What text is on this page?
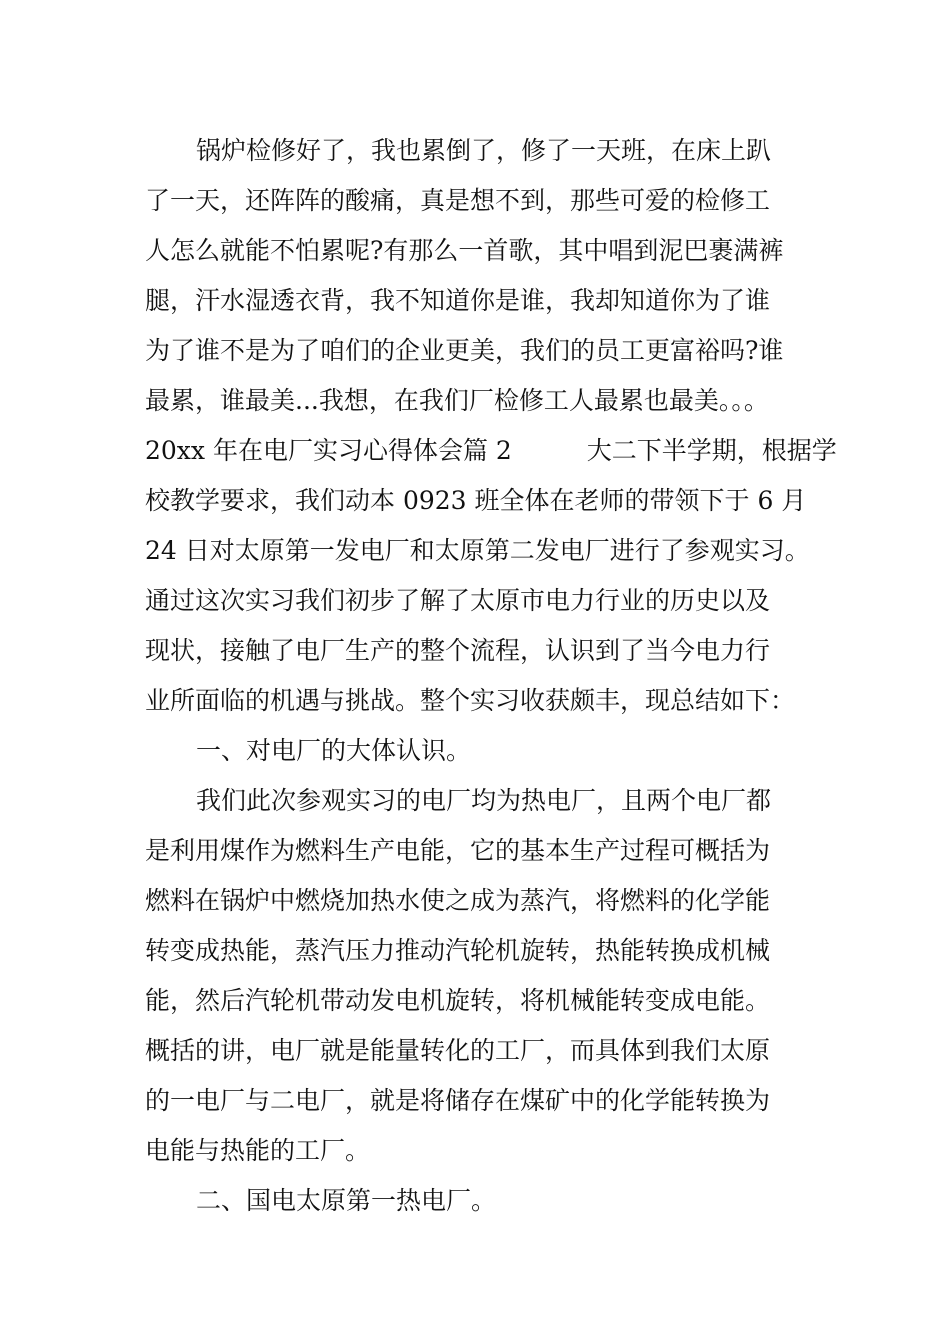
锅炉检修好了，我也累倒了，修了一天班，在床上趴
了一天，还阵阵的酸痛，真是想不到，那些可爱的检修工
人怎么就能不怕累呢?有那么一首歌，其中唱到泥巴裹满裤
腿，汗水湿透衣背，我不知道你是谁，我却知道你为了谁
为了谁不是为了咱们的企业更美，我们的员工更富裕吗?谁
最累，谁最美...我想，在我们厂检修工人最累也最美。。。
20xx 年在电厂实习心得体会篇 2　　　大二下半学期，根据学
校教学要求，我们动本 0923 班全体在老师的带领下于 6 月
24 日对太原第一发电厂和太原第二发电厂进行了参观实习。
通过这次实习我们初步了解了太原市电力行业的历史以及
现状，接触了电厂生产的整个流程，认识到了当今电力行
业所面临的机遇与挑战。整个实习收获颇丰，现总结如下：
一、对电厂的大体认识。
我们此次参观实习的电厂均为热电厂，且两个电厂都
是利用煤作为燃料生产电能，它的基本生产过程可概括为
燃料在锅炉中燃烧加热水使之成为蒸汽，将燃料的化学能
转变成热能，蒸汽压力推动汽轮机旋转，热能转换成机械
能，然后汽轮机带动发电机旋转，将机械能转变成电能。
概括的讲，电厂就是能量转化的工厂，而具体到我们太原
的一电厂与二电厂，就是将储存在煤矿中的化学能转换为
电能与热能的工厂。
二、国电太原第一热电厂。
